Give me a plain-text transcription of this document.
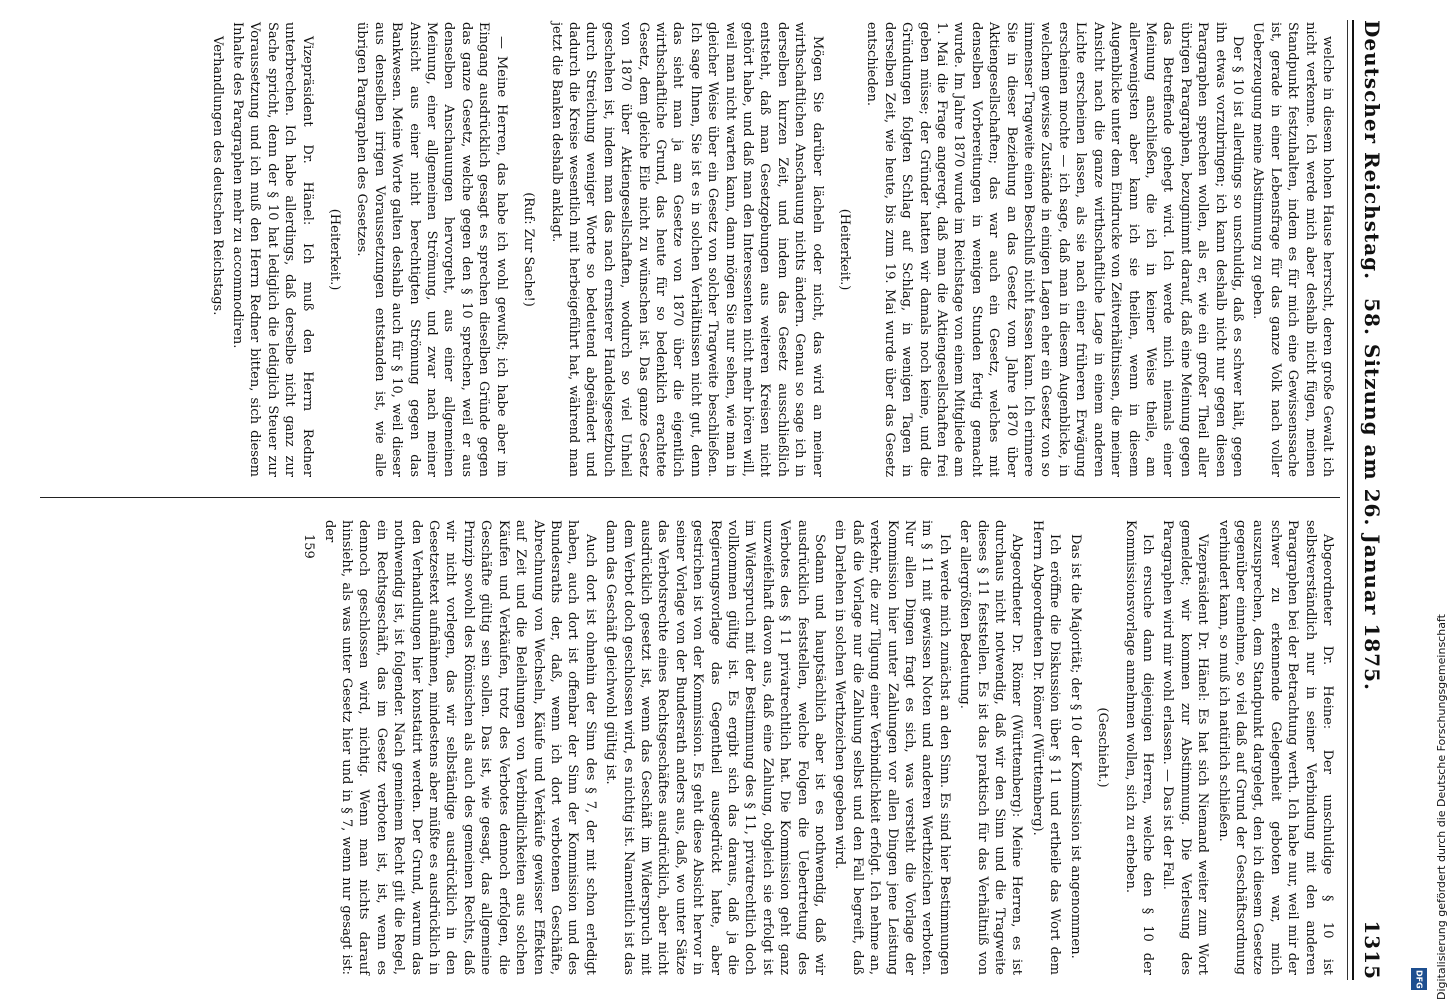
Deutscher Reichstag.
58. Sitzung am 26. Januar 1875.
1315

welche in diesem hohen Hause herrscht, deren große Gewalt ich nicht verkenne. Ich werde mich aber deshalb nicht fügen, meinen Standpunkt festzuhalten, indem es für mich eine Gewissenssache ist, gerade in einer Lebensfrage für das ganze Volk nach voller Ueberzeugung meine Abstimmung zu geben.

Der § 10 ist allerdings so unschuldig, daß es schwer hält, gegen ihn etwas vorzubringen; ich kann deshalb nicht nur gegen diesen Paragraphen sprechen wollen, als er, wie ein großer Theil aller übrigen Paragraphen, bezugnimmt darauf, daß eine Meinung gegen das Betreffende gehegt wird. Ich werde mich niemals einer Meinung anschließen, die ich in keiner Weise theile, am allerwenigsten aber kann ich sie theilen, wenn in diesem Augenblicke unter dem Eindrucke von Zeitverhältnissen, die meiner Ansicht nach die ganze wirthschaftliche Lage in einem anderen Lichte erscheinen lassen, als sie nach einer früheren Erwägung erscheinen mochte — ich sage, daß man in diesem Augenblicke, in welchem gewisse Zustände in einigen Lagen eher ein Gesetz von so immenser Tragweite einen Beschluß nicht fassen kann. Ich erinnere Sie in dieser Beziehung an das Gesetz vom Jahre 1870 über Aktiengesellschaften; das war auch ein Gesetz, welches mit denselben Vorbereitungen in wenigen Stunden fertig gemacht wurde. Im Jahre 1870 wurde im Reichstage von einem Mitgliede am 1. Mai die Frage angeregt, daß man die Aktiengesellschaften frei geben müsse; der Gründer hatten wir damals noch keine, und die Gründungen folgten Schlag auf Schlag, in wenigen Tagen in derselben Zeit, wie heute, bis zum 19. Mai wurde über das Gesetz entschieden.

(Heiterkeit.)

Mögen Sie darüber lächeln oder nicht, das wird an meiner wirthschaftlichen Anschauung nichts ändern. Genau so sage ich in derselben kurzen Zeit, und indem das Gesetz ausschließlich entsteht, daß man Gesetzgebungen aus weiteren Kreisen nicht gehört habe, und daß man den Interessenten nicht mehr hören will, weil man nicht warten kann, dann mögen Sie nur sehen, wie man in gleicher Weise über ein Gesetz von solcher Tragweite beschließen. Ich sage Ihnen, Sie ist es in solchen Verhältnissen nicht gut, denn das sieht man ja am Gesetze von 1870 über die eigentlich wirthschaftliche Grund, das heute für so bedenklich erachtete Gesetz, dem gleiche Eile nicht zu wünschen ist. Das ganze Gesetz von 1870 über Aktiengesellschaften, wodurch so viel Unheil geschehen ist, indem man das nach ernsterer Handelsgesetzbuch durch Streichung weniger Worte so bedeutend abgeändert und dadurch die Kreise wesentlich mit herbeigeführt hat, während man jetzt die Banken deshalb anklagt.

(Ruf: Zur Sache!)

— Meine Herren, das habe ich wohl gewußt; ich habe aber im Eingang ausdrücklich gesagt es sprechen dieselben Gründe gegen das ganze Gesetz, welche gegen den § 10 sprechen, weil er aus denselben Anschauungen hervorgeht, aus einer allgemeinen Meinung, einer allgemeinen Strömung, und zwar nach meiner Ansicht aus einer nicht berechtigten Strömung gegen das Bankwesen. Meine Worte galten deshalb auch für § 10, weil dieser aus denselben irrigen Voraussetzungen entstanden ist, wie alle übrigen Paragraphen des Gesetzes.

(Heiterkeit.)

Vizepräsident Dr. Hänel: Ich muß den Herrn Redner unterbrechen. Ich habe allerdings, daß derselbe nicht ganz zur Sache spricht, denn der § 10 hat lediglich die lediglich Steuer zur Voraussetzung und ich muß den Herrn Redner bitten, sich diesem Inhalte des Paragraphen mehr zu accommodiren.

Verhandlungen des deutschen Reichstags.

Abgeordneter Dr. Heine: Der unschuldige § 10 ist selbstverständlich nur in seiner Verbindung mit den anderen Paragraphen bei der Betrachtung werth. Ich habe nur, weil mir der schwer zu erkennende Gelegenheit geboten war, mich auszusprechen, dem Standpunkt dargelegt, den ich diesem Gesetze gegenüber einnehme, so viel daß auf Grund der Geschäftsordnung verhindert kann, so muß ich natürlich schließen.

Vizepräsident Dr. Hänel: Es hat sich Niemand weiter zum Wort gemeldet; wir kommen zur Abstimmung. Die Verlesung des Paragraphen wird mir wohl erlassen. — Das ist der Fall.

Ich ersuche dann diejenigen Herren, welche den § 10 der Kommissionsvorlage annehmen wollen, sich zu erheben.

(Geschieht.)

Das ist die Majorität; der § 10 der Kommission ist angenommen.

Ich eröffne die Diskussion über § 11 und ertheile das Wort dem Herrn Abgeordneten Dr. Römer (Württemberg).

Abgeordneter Dr. Römer (Württemberg): Meine Herren, es ist durchaus nicht notwendig, daß wir den Sinn und die Tragweite dieses § 11 feststellen. Es ist das praktisch für das Verhältniß von der allergrößten Bedeutung.

Ich werde mich zunächst an den Sinn. Es sind hier Bestimmungen im § 11 mit gewissen Noten und anderen Werthzeichen verboten. Nur allen Dingen fragt es sich, was versteht die Vorlage der Kommission hier unter Zahlungen vor allen Dingen jene Leistung verkehr, die zur Tilgung einer Verbindlichkeit erfolgt. Ich nehme an, daß die Vorlage nur die Zahlung selbst und den Fall begreift, daß ein Darlehen in solchen Werthzeichen gegeben wird.

Sodann und hauptsächlich aber ist es nothwendig, daß wir ausdrücklich feststellen, welche Folgen die Uebertretung des Verbotes des § 11 privatrechtlich hat. Die Kommission geht ganz unzweifelhaft davon aus, daß eine Zahlung, obgleich sie erfolgt ist im Widerspruch mit der Bestimmung des § 11, privatrechtlich doch vollkommen gültig ist. Es ergibt sich das daraus, daß ja die Regierungsvorlage das Gegentheil ausgedrückt hatte, aber gestrichen ist von der Kommission. Es geht diese Absicht hervor in seiner Vorlage von der Bundesrath anders aus, daß, wo unter Sätze das Verbotsrechte eines Rechtsgeschäftes ausdrücklich, aber nicht ausdrücklich gesetzt ist, wenn das Geschäft im Widerspruch mit dem Verbot doch geschlossen wird, es nichtig ist. Namentlich ist das dann das Geschäft gleichwohl gültig ist.

Auch dort ist ohnehin der Sinn des § 7, der mit schon erledigt haben, auch dort ist offenbar der Sinn der Kommission und des Bundesraths der, daß, wenn ich dort verbotenen Geschäfte, Abrechnung von Wechseln, Käufe und Verkäufe gewisser Effekten auf Zeit und die Beleihungen von Verbindlichkeiten aus solchen Käufen und Verkäufen, trotz des Verbotes dennoch erfolgen, die Geschäfte gültig sein sollen. Das ist, wie gesagt, das allgemeine Prinzip sowohl des Römischen als auch des gemeinen Rechts, daß wir nicht vorlegen, das wir selbständige ausdrücklich in den Gesetzestext aufnähmen, mindestens aber müßte es ausdrücklich in den Verhandlungen hier konstatirt werden. Der Grund, warum das nothwendig ist, ist folgender. Nach gemeinem Recht gilt die Regel, ein Rechtsgeschäft, das im Gesetz verboten ist, ist, wenn es dennoch geschlossen wird, nichtig. Wenn man nichts darauf hinsieht, als was unter Gesetz hier und in § 7, wenn nur gesagt ist: der

159

Digitalisierung gefördert durch die Deutsche Forschungsgemeinschaft
DFG
